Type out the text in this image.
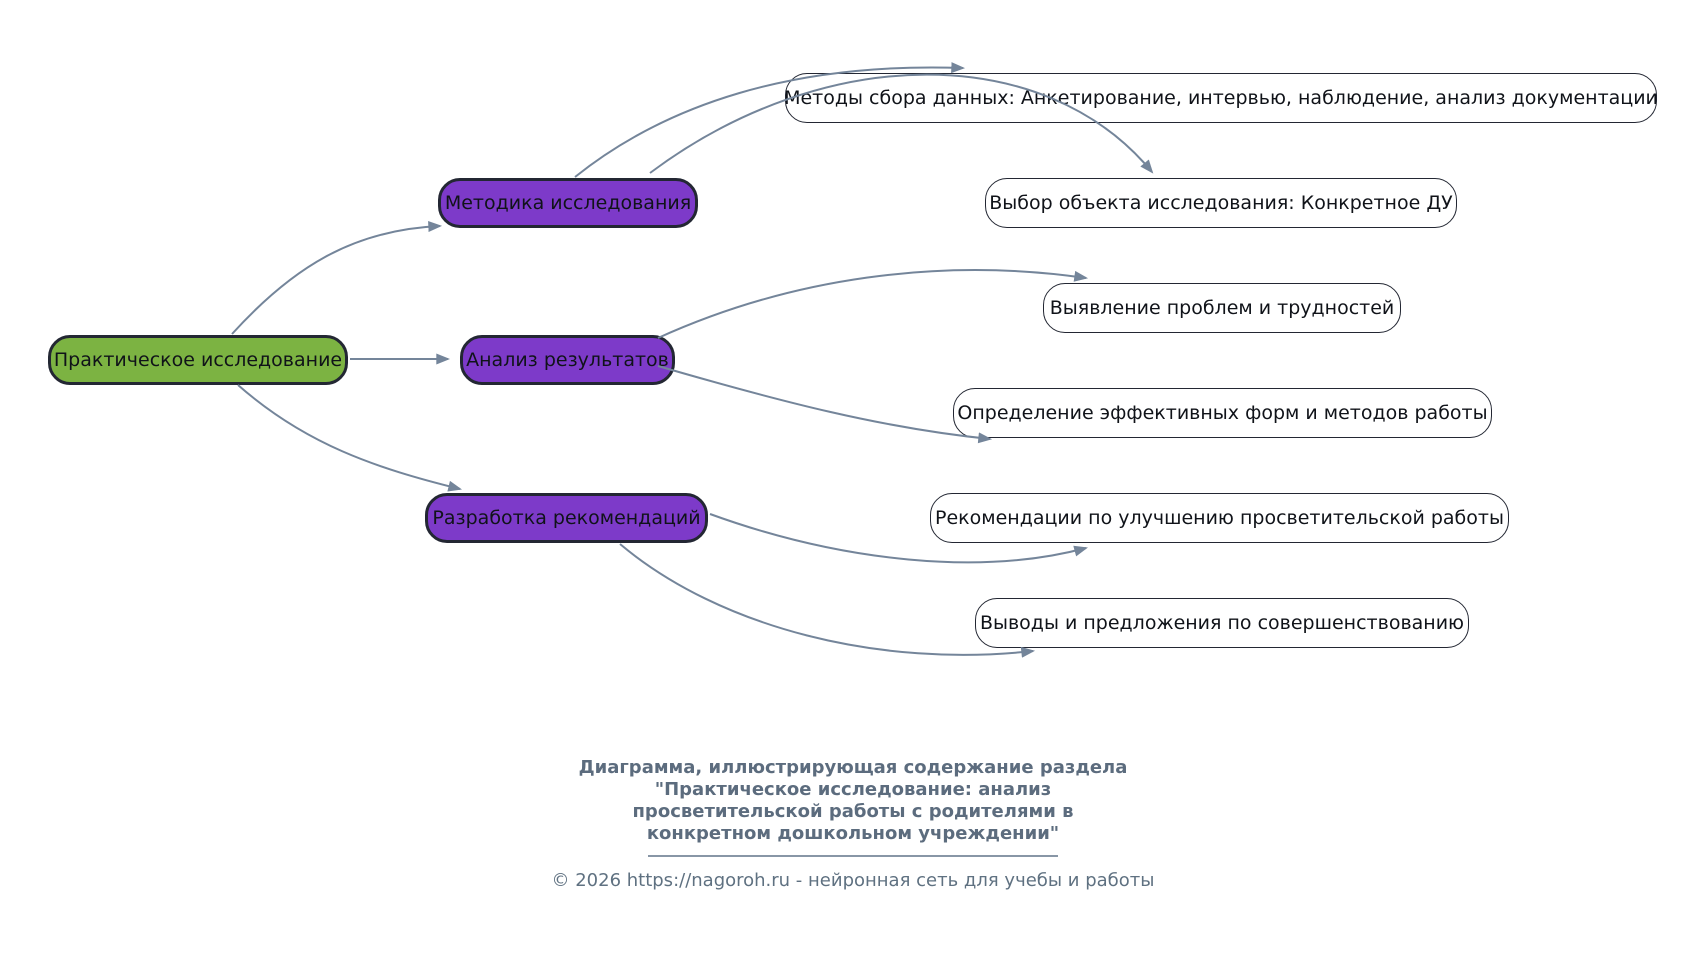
Практическое исследование
Методика исследования
Анализ результатов
Разработка рекомендаций
Методы сбора данных: Анкетирование, интервью, наблюдение, анализ документации
Выбор объекта исследования: Конкретное ДУ
Выявление проблем и трудностей
Определение эффективных форм и методов работы
Рекомендации по улучшению просветительской работы
Выводы и предложения по совершенствованию
Диаграмма, иллюстрирующая содержание раздела
"Практическое исследование: анализ
просветительской работы с родителями в
конкретном дошкольном учреждении"
© 2026 https://nagoroh.ru - нейронная сеть для учебы и работы
